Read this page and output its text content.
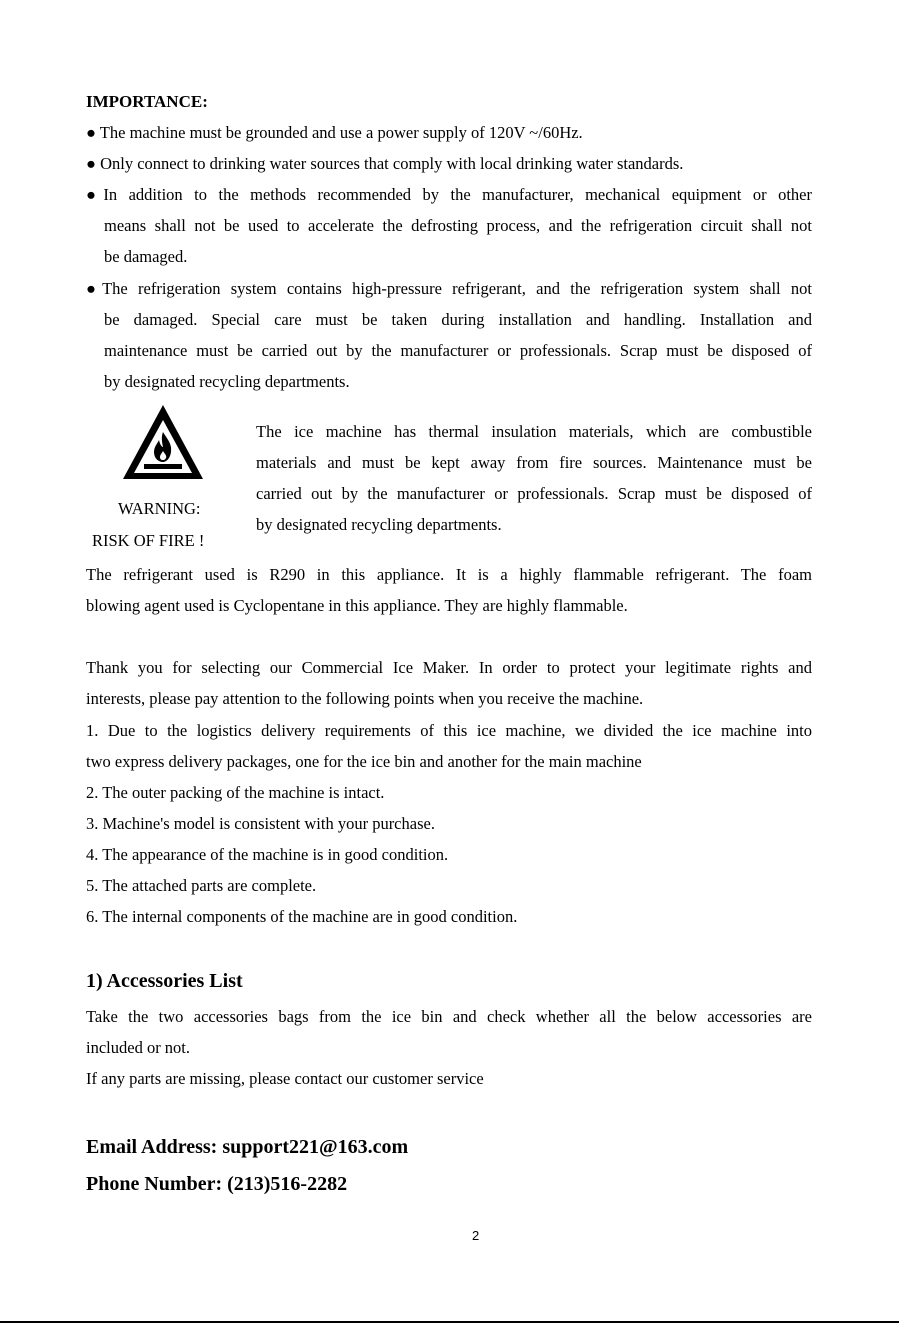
IMPORTANCE:
● The machine must be grounded and use a power supply of 120V ~/60Hz.
● Only connect to drinking water sources that comply with local drinking water standards.
●In addition to the methods recommended by the manufacturer, mechanical equipment or other
means shall not be used to accelerate the defrosting process, and the refrigeration circuit shall not
be damaged.
●The refrigeration system contains high-pressure refrigerant, and the refrigeration system shall not
be damaged. Special care must be taken during installation and handling. Installation and
maintenance must be carried out by the manufacturer or professionals. Scrap must be disposed of
by designated recycling departments.
WARNING:
RISK OF FIRE !
The ice machine has thermal insulation materials, which are combustible
materials and must be kept away from fire sources. Maintenance must be
carried out by the manufacturer or professionals. Scrap must be disposed of
by designated recycling departments.
The refrigerant used is R290 in this appliance. It is a highly flammable refrigerant. The foam
blowing agent used is Cyclopentane in this appliance. They are highly flammable.
Thank you for selecting our Commercial Ice Maker. In order to protect your legitimate rights and
interests, please pay attention to the following points when you receive the machine.
1. Due to the logistics delivery requirements of this ice machine, we divided the ice machine into
two express delivery packages, one for the ice bin and another for the main machine
2. The outer packing of the machine is intact.
3. Machine's model is consistent with your purchase.
4. The appearance of the machine is in good condition.
5. The attached parts are complete.
6. The internal components of the machine are in good condition.
1) Accessories List
Take the two accessories bags from the ice bin and check whether all the below accessories are
included or not.
If any parts are missing, please contact our customer service
Email Address: support221@163.com
Phone Number: (213)516-2282
2
